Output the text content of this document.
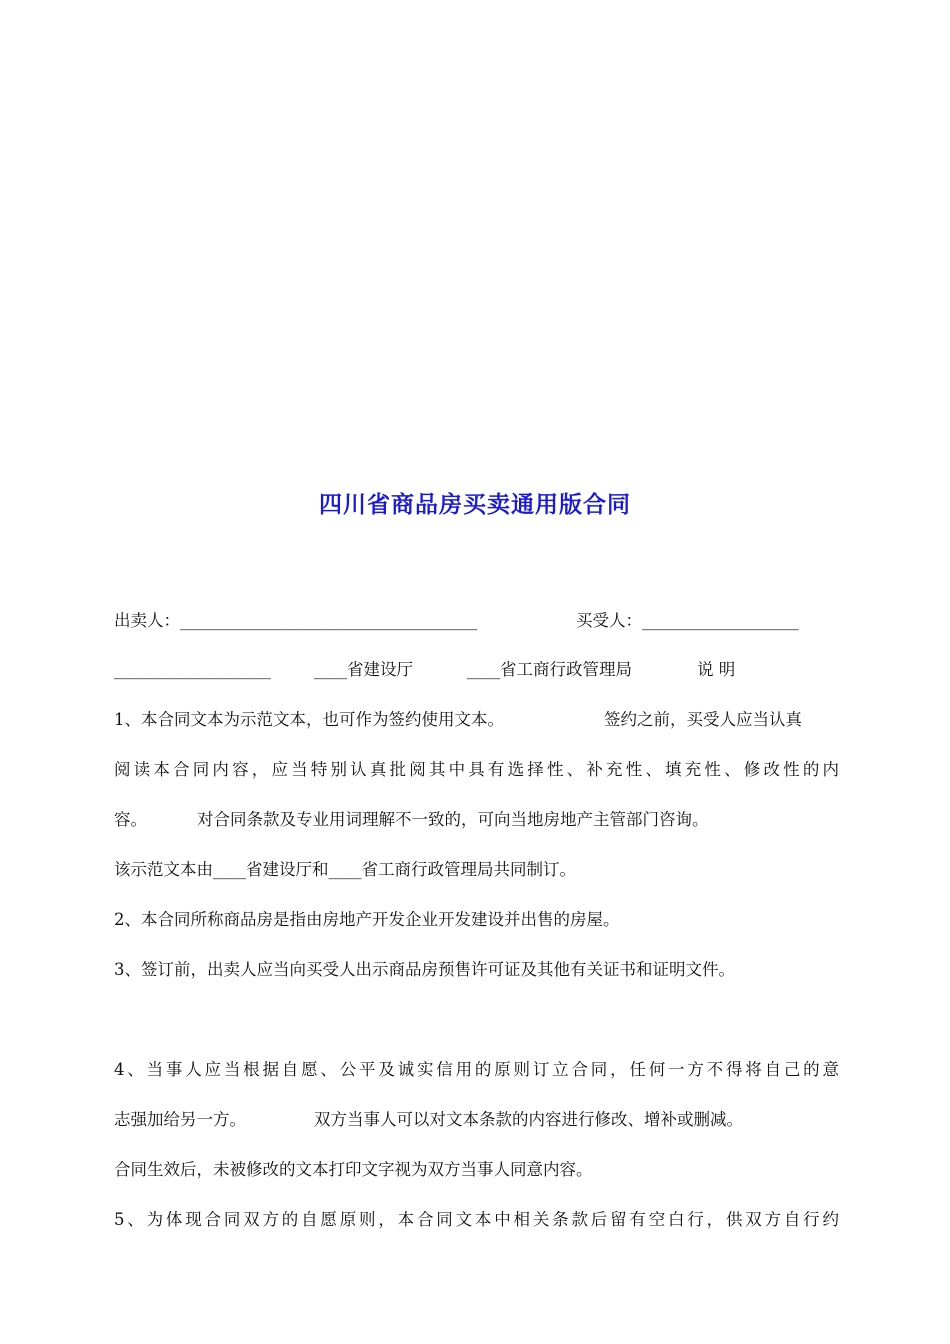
四川省商品房买卖通用版合同
出卖人：____________________________________	买受人：___________________
___________________	____省建设厅	____省工商行政管理局	说 明
1、本合同文本为示范文本，也可作为签约使用文本。	签约之前，买受人应当认真
阅读本合同内容，应当特别认真批阅其中具有选择性、补充性、填充性、修改性的内
容。	对合同条款及专业用词理解不一致的，可向当地房地产主管部门咨询。
该示范文本由____省建设厅和____省工商行政管理局共同制订。
2、本合同所称商品房是指由房地产开发企业开发建设并出售的房屋。
3、签订前，出卖人应当向买受人出示商品房预售许可证及其他有关证书和证明文件。
4、当事人应当根据自愿、公平及诚实信用的原则订立合同，任何一方不得将自己的意
志强加给另一方。	双方当事人可以对文本条款的内容进行修改、增补或删减。
合同生效后，未被修改的文本打印文字视为双方当事人同意内容。
5、为体现合同双方的自愿原则，本合同文本中相关条款后留有空白行，供双方自行约
